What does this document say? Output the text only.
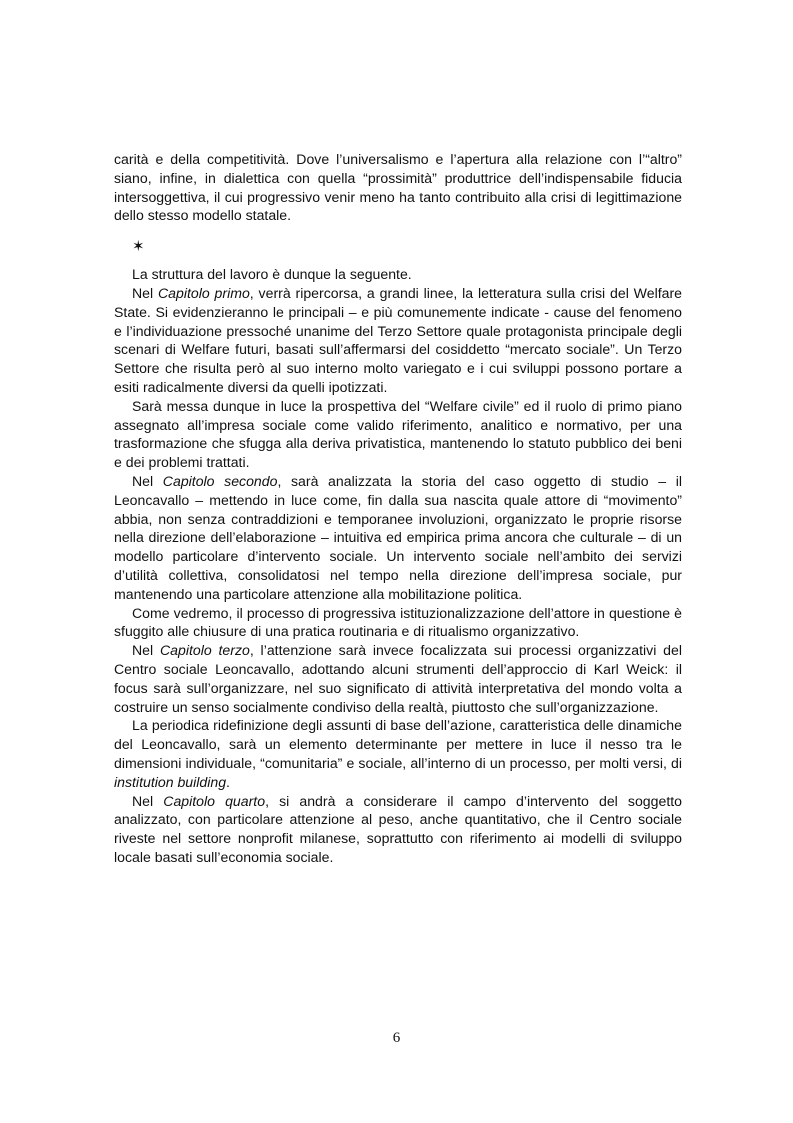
carità e della competitività. Dove l’universalismo e l’apertura alla relazione con l’“altro” siano, infine, in dialettica con quella “prossimità” produttrice dell’indispensabile fiducia intersoggettiva, il cui progressivo venir meno ha tanto contribuito alla crisi di legittimazione dello stesso modello statale.

✶

La struttura del lavoro è dunque la seguente.

Nel Capitolo primo, verrà ripercorsa, a grandi linee, la letteratura sulla crisi del Welfare State. Si evidenzieranno le principali – e più comunemente indicate - cause del fenomeno e l’individuazione pressoché unanime del Terzo Settore quale protagonista principale degli scenari di Welfare futuri, basati sull’affermarsi del cosiddetto “mercato sociale”. Un Terzo Settore che risulta però al suo interno molto variegato e i cui sviluppi possono portare a esiti radicalmente diversi da quelli ipotizzati.

Sarà messa dunque in luce la prospettiva del “Welfare civile” ed il ruolo di primo piano assegnato all’impresa sociale come valido riferimento, analitico e normativo, per una trasformazione che sfugga alla deriva privatistica, mantenendo lo statuto pubblico dei beni e dei problemi trattati.

Nel Capitolo secondo, sarà analizzata la storia del caso oggetto di studio – il Leoncavallo – mettendo in luce come, fin dalla sua nascita quale attore di “movimento” abbia, non senza contraddizioni e temporanee involuzioni, organizzato le proprie risorse nella direzione dell’elaborazione – intuitiva ed empirica prima ancora che culturale – di un modello particolare d’intervento sociale. Un intervento sociale nell’ambito dei servizi d’utilità collettiva, consolidatosi nel tempo nella direzione dell’impresa sociale, pur mantenendo una particolare attenzione alla mobilitazione politica.

Come vedremo, il processo di progressiva istituzionalizzazione dell’attore in questione è sfuggito alle chiusure di una pratica routinaria e di ritualismo organizzativo.

Nel Capitolo terzo, l’attenzione sarà invece focalizzata sui processi organizzativi del Centro sociale Leoncavallo, adottando alcuni strumenti dell’approccio di Karl Weick: il focus sarà sull’organizzare, nel suo significato di attività interpretativa del mondo volta a costruire un senso socialmente condiviso della realtà, piuttosto che sull’organizzazione.

La periodica ridefinizione degli assunti di base dell’azione, caratteristica delle dinamiche del Leoncavallo, sarà un elemento determinante per mettere in luce il nesso tra le dimensioni individuale, “comunitaria” e sociale, all’interno di un processo, per molti versi, di institution building.

Nel Capitolo quarto, si andrà a considerare il campo d’intervento del soggetto analizzato, con particolare attenzione al peso, anche quantitativo, che il Centro sociale riveste nel settore nonprofit milanese, soprattutto con riferimento ai modelli di sviluppo locale basati sull’economia sociale.

6
